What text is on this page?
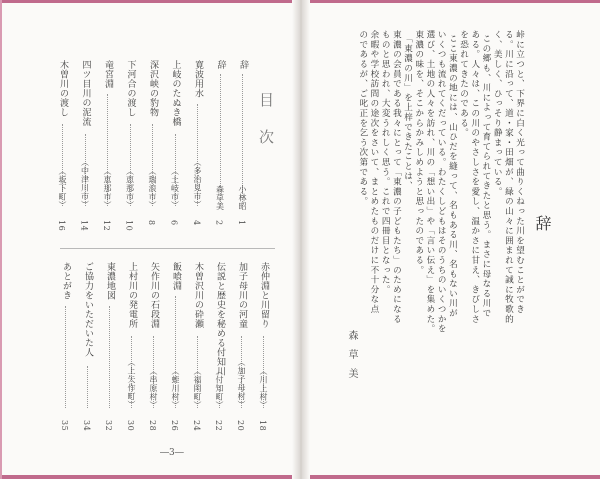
目次
辞
小林昭
1
辞
森草美
2
寛波用水
（多治見市）
4
上岐のたぬき橋
（土岐市）
6
深沢峡の豹物
（瑞浪市）
8
下河合の渡し
（恵那市）
10
竜宮淵
（恵那市）
12
四ツ目川の泥流
（中津川市）
14
木曽川の渡し
（坂下町）
16
赤仲淵と川留り
（川上村）
18
加子母川の河童
（加子母村）
20
伝説と歴史を秘める付知川
（付知町）
22
木曽沢川の砕瀬
（福岡町）
24
飯喰淵
（蛭川村）
26
矢作川の石段淵
（串原村）
28
上村川の発電所
（上矢作町）
30
東濃地図
32
ご協力をいただいた人
34
あとがき
35
―3―
辞
峠に立つと、下界に白く光って曲りくねった川を望むことができ
る。川に沿って、道・家・田畑が、緑の山々に囲まれて誠に牧歌的
く、美しく、ひっそり静まっている。
この郷も、川によって育てられてきたと思う。まさに母なる川で
ある。人々は、この川のやさしさを愛し、温かさに甘え、きびしさ
を恐れてきたのである。
ここ東濃の地には、山ひだを縫って、名もある川、名もない川が
いくつも流れてくだっている。わたくしどもはそのうちのいくつかを
選び、土地の人々を訪れ、川の「想い出」や「言い伝え」を集めた。
東濃の味を、そこからかみしめようと思ったのである。
「東濃の川」を上梓できたことは、
東濃の会員である我々にとって「東濃の子どもたち」のためになる
ものと思われ、大変うれしく思う。これで四冊目となった。
余暇や学校訪問の途次をさいて、まとめたものだけに不十分な点
のであるが、ご叱正を乞う次第である。
森草美
